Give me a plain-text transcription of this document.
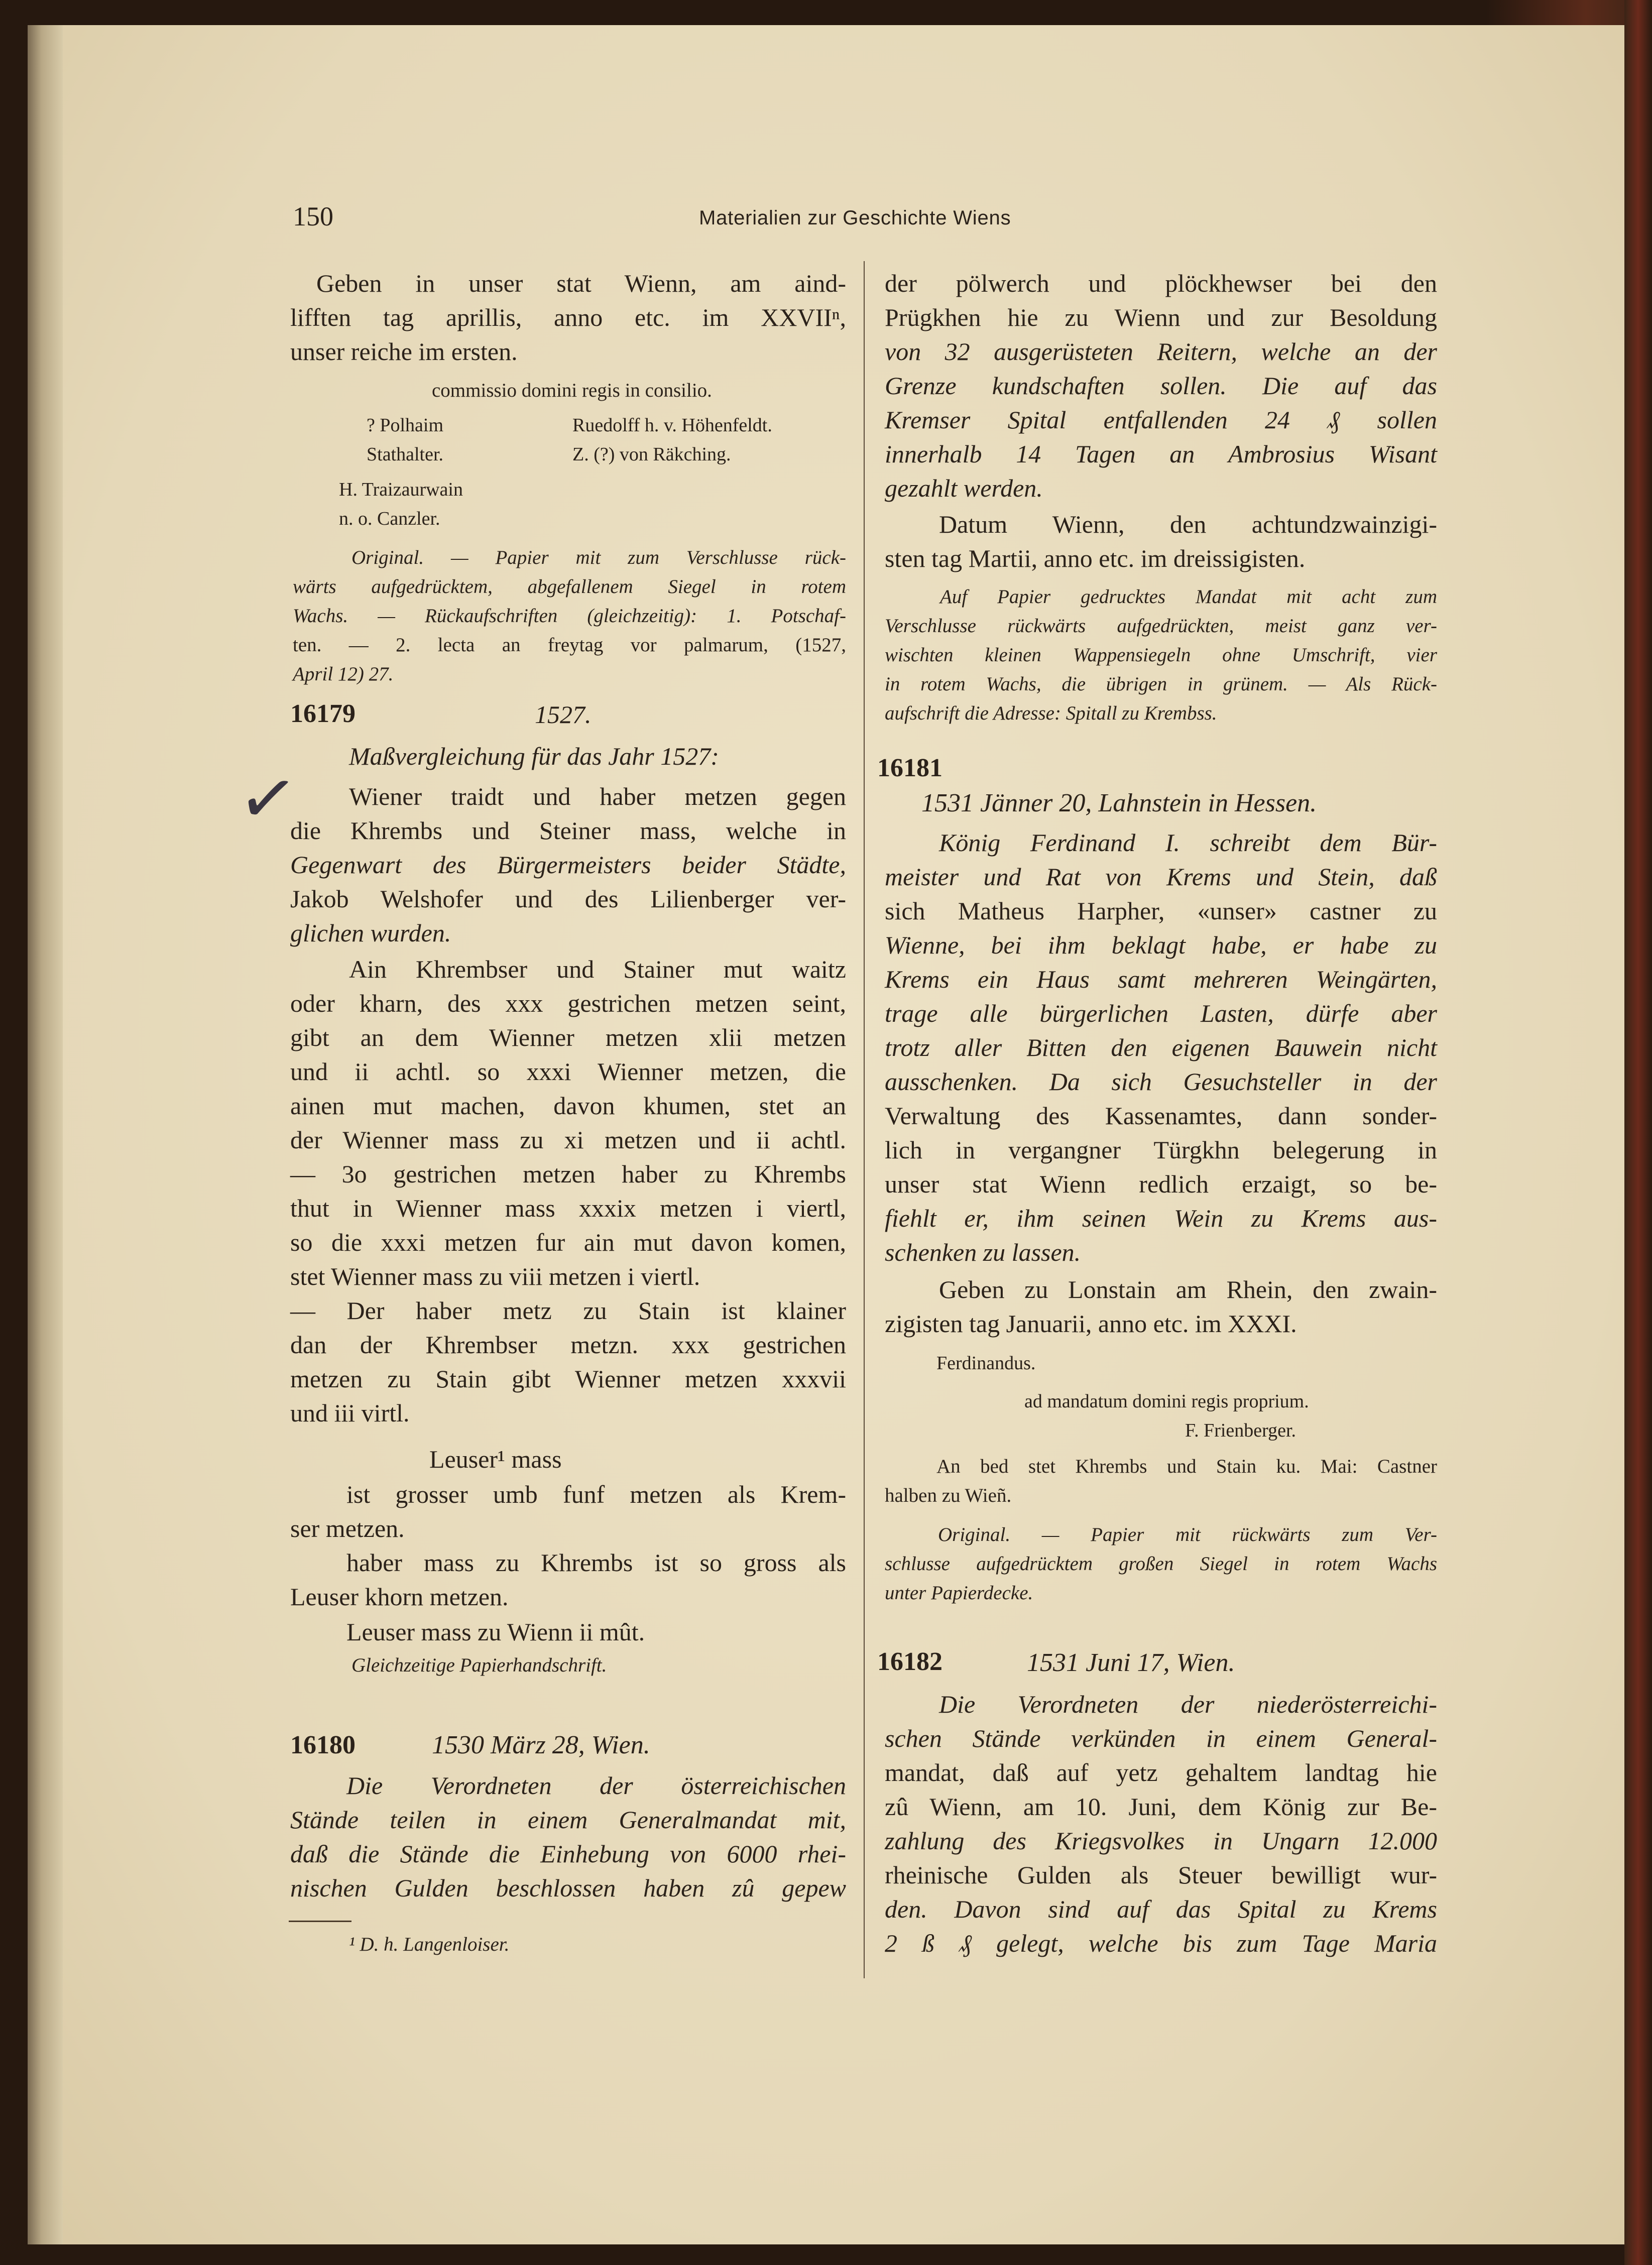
150	Materialien zur Geschichte Wiens
✓
Geben in unser stat Wienn, am aind-
lifften tag aprillis, anno etc. im XXVIIⁿ,
unser reiche im ersten.
commissio domini regis in consilio.
? Polhaim	Ruedolff h. v. Höhenfeldt.
Stathalter.	Z. (?) von Räkching.
H. Traizaurwain
n. o. Canzler.
Original. — Papier mit zum Verschlusse rück-
wärts aufgedrücktem, abgefallenem Siegel in rotem
Wachs. — Rückaufschriften (gleichzeitig): 1. Potschaf-
ten. — 2. lecta an freytag vor palmarum, (1527,
April 12) 27.
16179	1527.
Maßvergleichung für das Jahr 1527:
Wiener traidt und haber metzen gegen
die Khrembs und Steiner mass, welche in
Gegenwart des Bürgermeisters beider Städte,
Jakob Welshofer und des Lilienberger ver-
glichen wurden.
Ain Khrembser und Stainer mut waitz
oder kharn, des xxx gestrichen metzen seint,
gibt an dem Wienner metzen xlii metzen
und ii achtl. so xxxi Wienner metzen, die
ainen mut machen, davon khumen, stet an
der Wienner mass zu xi metzen und ii achtl.
— 3o gestrichen metzen haber zu Khrembs
thut in Wienner mass xxxix metzen i viertl,
so die xxxi metzen fur ain mut davon komen,
stet Wienner mass zu viii metzen i viertl.
— Der haber metz zu Stain ist klainer
dan der Khrembser metzn. xxx gestrichen
metzen zu Stain gibt Wienner metzen xxxvii
und iii virtl.
Leuser¹ mass
ist grosser umb funf metzen als Krem-
ser metzen.
haber mass zu Khrembs ist so gross als
Leuser khorn metzen.
Leuser mass zu Wienn ii mût.
Gleichzeitige Papierhandschrift.
16180	1530 März 28, Wien.
Die Verordneten der österreichischen
Stände teilen in einem Generalmandat mit,
daß die Stände die Einhebung von 6000 rhei-
nischen Gulden beschlossen haben zû gepew
¹ D. h. Langenloiser.
der pölwerch und plöckhewser bei den
Prügkhen hie zu Wienn und zur Besoldung
von 32 ausgerüsteten Reitern, welche an der
Grenze kundschaften sollen. Die auf das
Kremser Spital entfallenden 24 ₰ sollen
innerhalb 14 Tagen an Ambrosius Wisant
gezahlt werden.
Datum Wienn, den achtundzwainzigi-
sten tag Martii, anno etc. im dreissigisten.
Auf Papier gedrucktes Mandat mit acht zum
Verschlusse rückwärts aufgedrückten, meist ganz ver-
wischten kleinen Wappensiegeln ohne Umschrift, vier
in rotem Wachs, die übrigen in grünem. — Als Rück-
aufschrift die Adresse: Spitall zu Krembss.
16181
1531 Jänner 20, Lahnstein in Hessen.
König Ferdinand I. schreibt dem Bür-
meister und Rat von Krems und Stein, daß
sich Matheus Harpher, «unser» castner zu
Wienne, bei ihm beklagt habe, er habe zu
Krems ein Haus samt mehreren Weingärten,
trage alle bürgerlichen Lasten, dürfe aber
trotz aller Bitten den eigenen Bauwein nicht
ausschenken. Da sich Gesuchsteller in der
Verwaltung des Kassenamtes, dann sonder-
lich in vergangner Türgkhn belegerung in
unser stat Wienn redlich erzaigt, so be-
fiehlt er, ihm seinen Wein zu Krems aus-
schenken zu lassen.
Geben zu Lonstain am Rhein, den zwain-
zigisten tag Januarii, anno etc. im XXXI.
Ferdinandus.
ad mandatum domini regis proprium.
F. Frienberger.
An bed stet Khrembs und Stain ku. Mai: Castner
halben zu Wieñ.
Original. — Papier mit rückwärts zum Ver-
schlusse aufgedrücktem großen Siegel in rotem Wachs
unter Papierdecke.
16182	1531 Juni 17, Wien.
Die Verordneten der niederösterreichi-
schen Stände verkünden in einem General-
mandat, daß auf yetz gehaltem landtag hie
zû Wienn, am 10. Juni, dem König zur Be-
zahlung des Kriegsvolkes in Ungarn 12.000
rheinische Gulden als Steuer bewilligt wur-
den. Davon sind auf das Spital zu Krems
2 ß ₰ gelegt, welche bis zum Tage Maria
